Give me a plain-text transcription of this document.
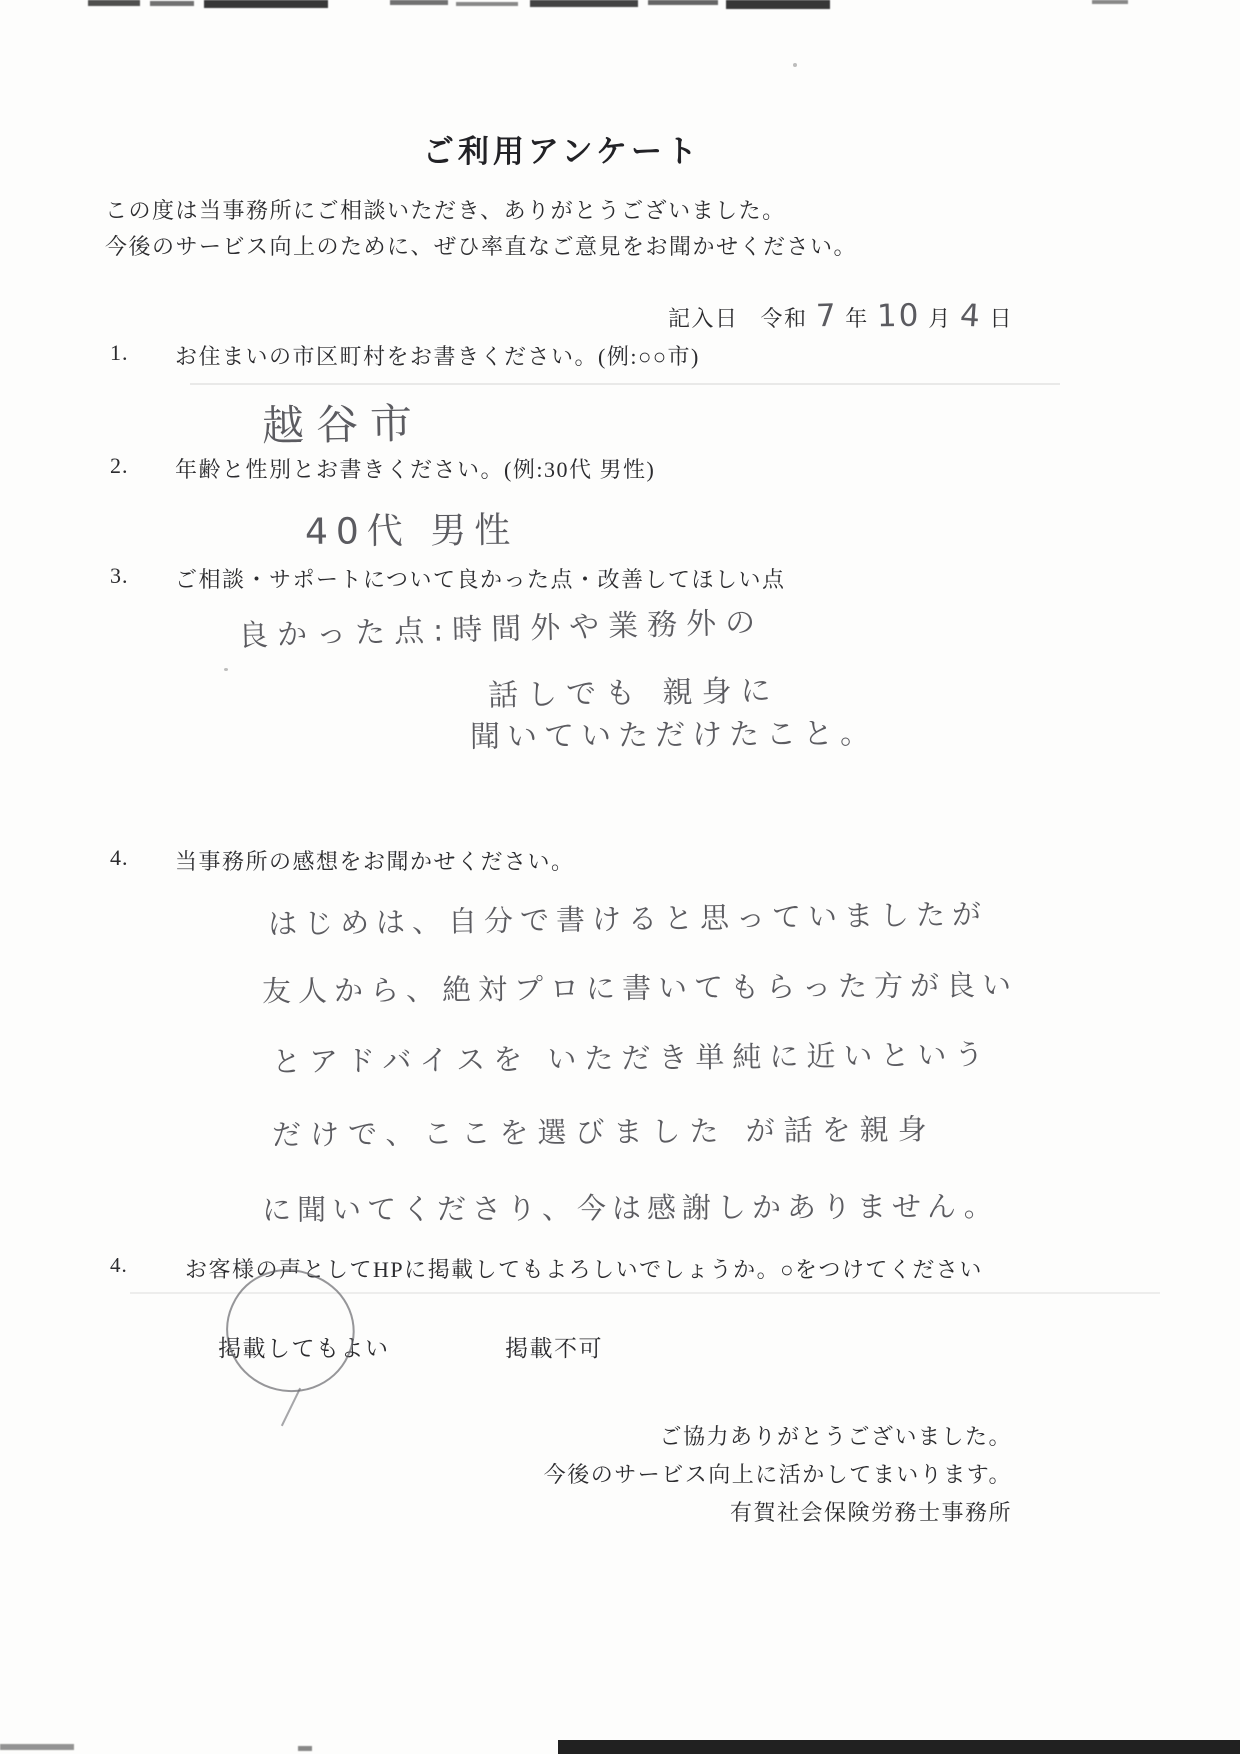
ご利用アンケート
この度は当事務所にご相談いただき、ありがとうございました。
今後のサービス向上のために、ぜひ率直なご意見をお聞かせください。
記入日 令和 7 年 10 月 4 日
1. お住まいの市区町村をお書きください。(例:○○市)
越谷市
2. 年齢と性別とお書きください。(例:30代 男性)
40代 男性
3. ご相談・サポートについて良かった点・改善してほしい点
良かった点:時間外や業務外の
話しでも 親身に
聞いていただけたこと。
4. 当事務所の感想をお聞かせください。
はじめは、自分で書けると思っていましたが
友人から、絶対プロに書いてもらった方が良い
とアドバイスを いただき単純に近いという
だけで、ここを選びました が話を親身
に聞いてくださり、今は感謝しかありません。
4.	お客様の声としてHPに掲載してもよろしいでしょうか。○をつけてください
掲載してもよい	掲載不可
ご協力ありがとうございました。
今後のサービス向上に活かしてまいります。
有賀社会保険労務士事務所
